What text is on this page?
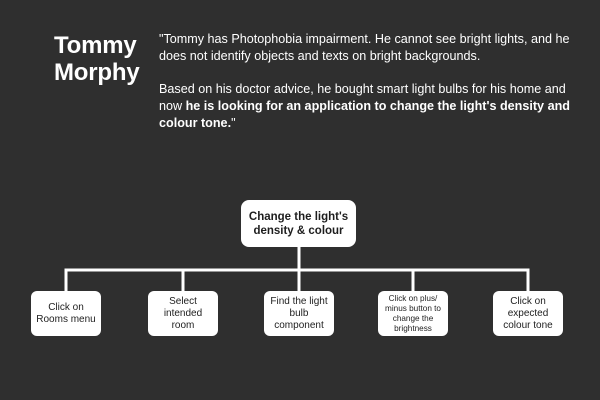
Tommy
Morphy

"Tommy has Photophobia impairment. He cannot see bright lights, and he does not identify objects and texts on bright backgrounds.

Based on his doctor advice, he bought smart light bulbs for his home and now he is looking for an application to change the light's density and colour tone."

Change the light's density & colour
Click on Rooms menu
Select intended room
Find the light bulb component
Click on plus/ minus button to change the brightness
Click on expected colour tone
